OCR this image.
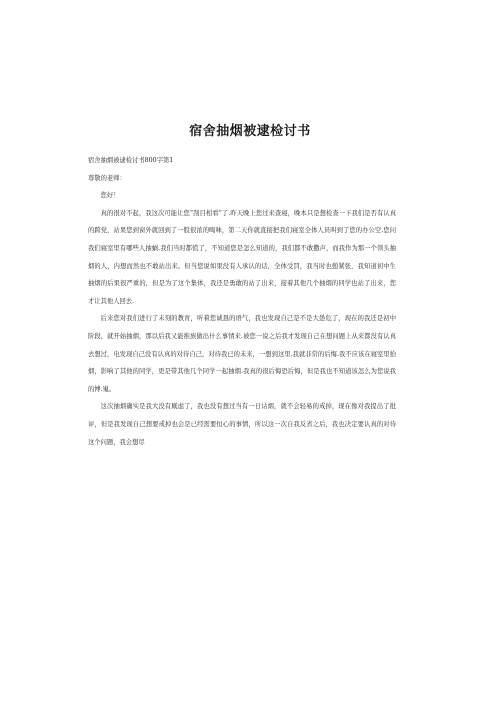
宿舍抽烟被逮检讨书

宿舍抽烟被逮检讨书800字第1

尊敬的老师：

您好！

真的很对不起，我这次可能让您“刮目相看”了.昨天晚上您过来查寝，晚本只是想检查一下我们是否有认真的跨党，站果您到窗外就回到了一股很浓的啕味，第二天你就直接把我们寝室全体人员叫到了您的办公空.您问我们寝室里有哪些人抽蜗.我们当时都慌了，不知道您是怎么知道的，我们都不敢撒声，而我作为那一个领头抽烟的人，内想而然也不敢站出来。但当您说如果没有人承认的话，全体受罚，我当时也憩紧张，我知道初中生抽烟的后果很严重的，但是为了这个集体，我还是勇敢的站了出来，接着其他几个抽烟的同学也站了出来，您才让其他人回去.

后来您对我们进行了未刻的教育，听着您诚恳的语气，我也发现自己是不是大愚危了，现在的我还是初中阶段，就开始抽烟，那以后我又能推族做出什么事情来.被您一说之后我才发现自己在想问题上从来都没有认真去想过，电发现自己没有认真的对待自己，对待我已的未来，一想到这里.我就非常的后悔.我不应该在寝室里抬烟，影响了其他的同学，更是带其他几个同学一起抽烟.我真的很后悔恐后悔，但是我也不知道该怎么为您说我的博.嵬。

这次抽烟确实是我大没有厩虑了，我也没有想过当有一日诂烟，就不会轻易的戒掉，现在像对我提出了批评，但是我发现自己想要戒掉也会是已经需要恒心的事情，所以这一次自我反省之后，我也决定要认真的对待这个问题，我会想尽
